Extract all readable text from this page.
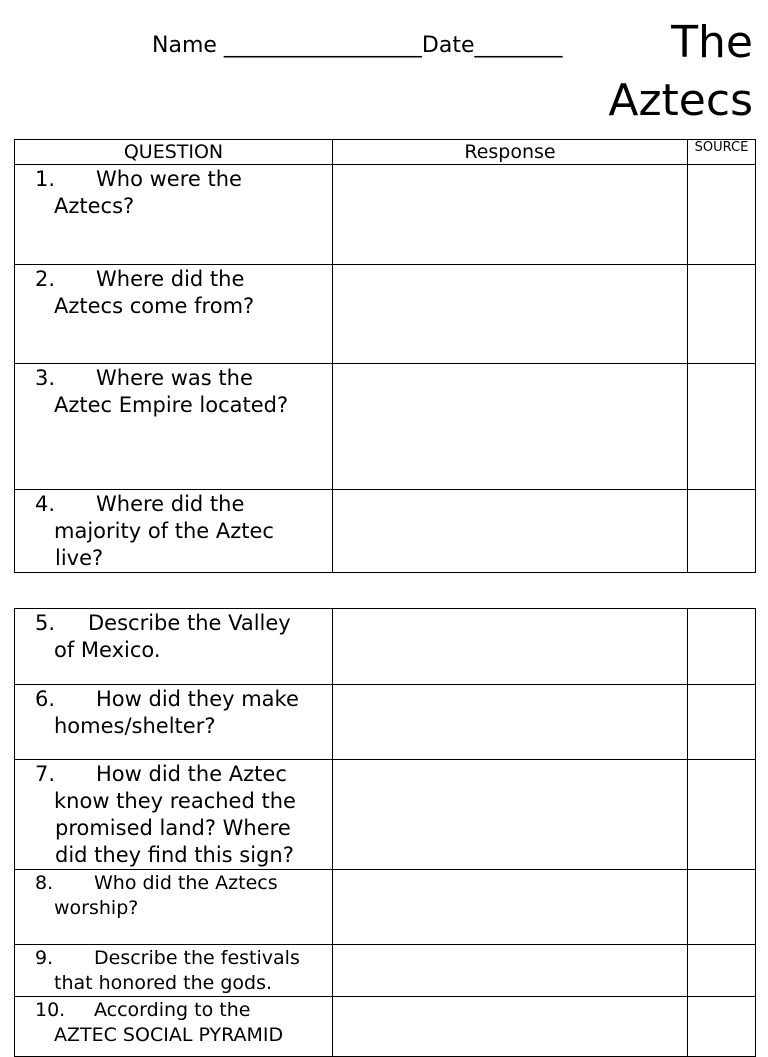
Name __________________Date________	The
Aztecs
QUESTION	Response	SOURCE
1. Who were the
Aztecs?		

2. Where did the
Aztecs come from?		

3. Where was the
Aztec Empire located?		

4. Where did the
majority of the Aztec live?		

5. Describe the Valley
of Mexico.		

6. How did they make
homes/shelter?		

7. How did the Aztec
know they reached the promised land? Where did they find this sign?		

8. Who did the Aztecs
worship?		

9. Describe the festivals
that honored the gods.		

10. According to the
AZTEC SOCIAL PYRAMID		
